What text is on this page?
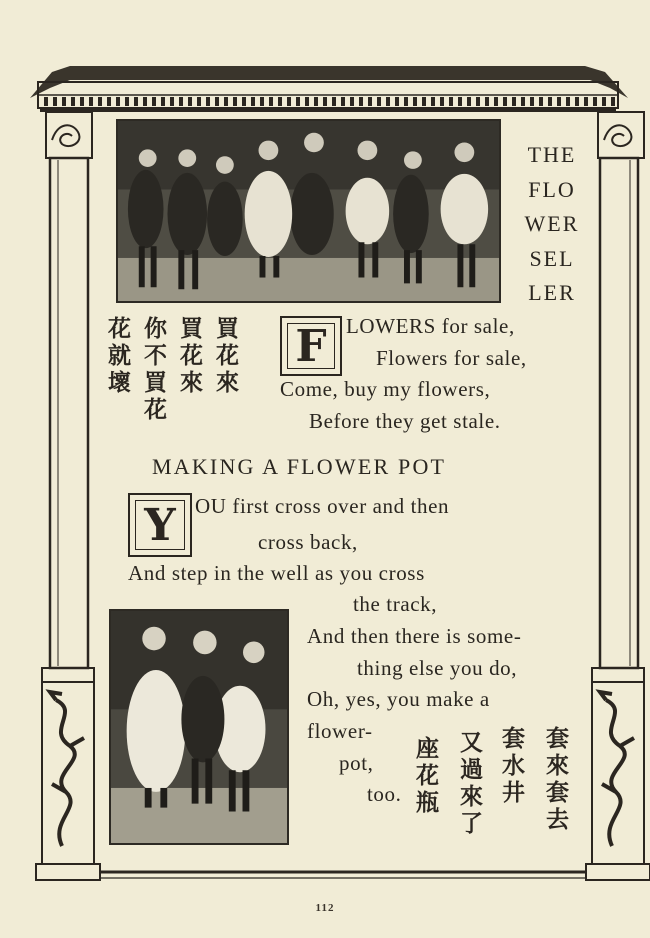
THE
FLO
WER
SEL
LER
買花來
買花來
你不買花
花就壞	F LOWERS for sale,
Flowers for sale,
Come, buy my flowers,
Before they get stale.
MAKING A FLOWER POT
Y OU first cross over and then
cross back,
And step in the well as you cross
the track,
And then there is some-
thing else you do,
Oh, yes, you make a
flower-
pot,
too.	套來套去
套水井
又過來了
座花瓶
112
